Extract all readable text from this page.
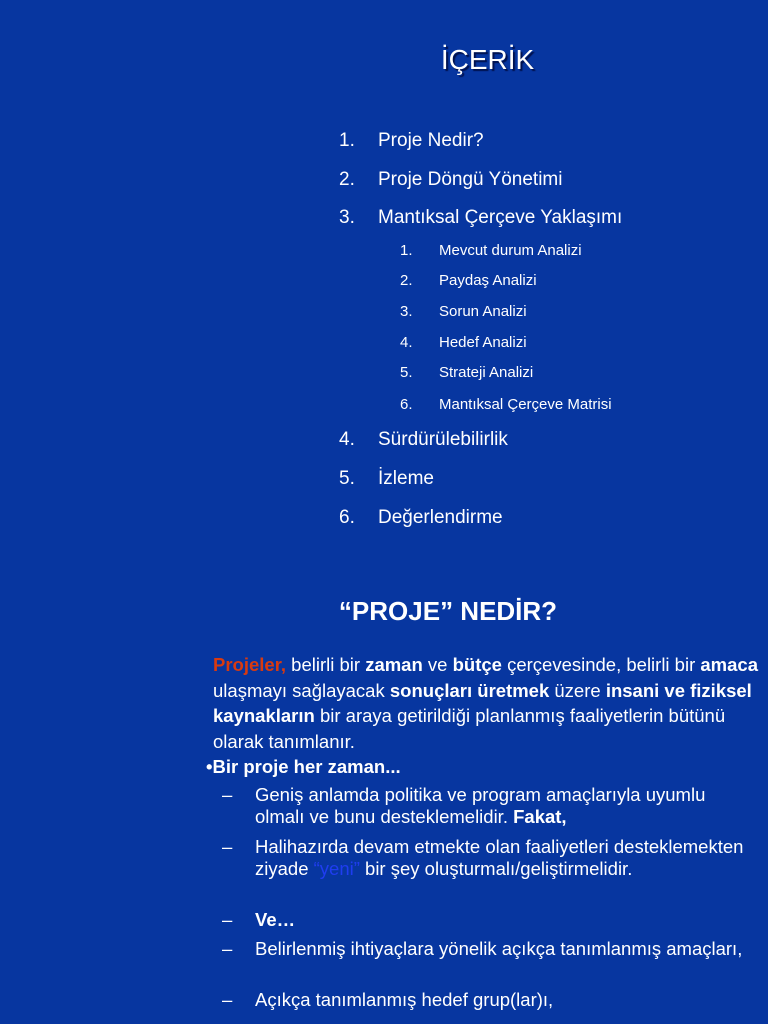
İÇERİK
1. Proje Nedir?
2. Proje Döngü Yönetimi
3. Mantıksal Çerçeve Yaklaşımı
1.	Mevcut durum Analizi
2.	Paydaş Analizi
3.	Sorun Analizi
4.	Hedef Analizi
5.	Strateji Analizi
6.	Mantıksal Çerçeve Matrisi
4. Sürdürülebilirlik
5. İzleme
6. Değerlendirme
“PROJE” NEDİR?
Projeler, belirli bir zaman ve bütçe çerçevesinde, belirli bir amaca ulaşmayı sağlayacak sonuçları üretmek üzere insani ve fiziksel kaynakların bir araya getirildiği planlanmış faaliyetlerin bütünü olarak tanımlanır.
•Bir proje her zaman...
– Geniş anlamda politika ve program amaçlarıyla uyumlu olmalı ve bunu desteklemelidir. Fakat,
– Halihazırda devam etmekte olan faaliyetleri desteklemekten ziyade “yeni” bir şey oluşturmalı/geliştirmelidir.
– Ve…
– Belirlenmiş ihtiyaçlara yönelik açıkça tanımlanmış amaçları,
– Açıkça tanımlanmış hedef grup(lar)ı,
